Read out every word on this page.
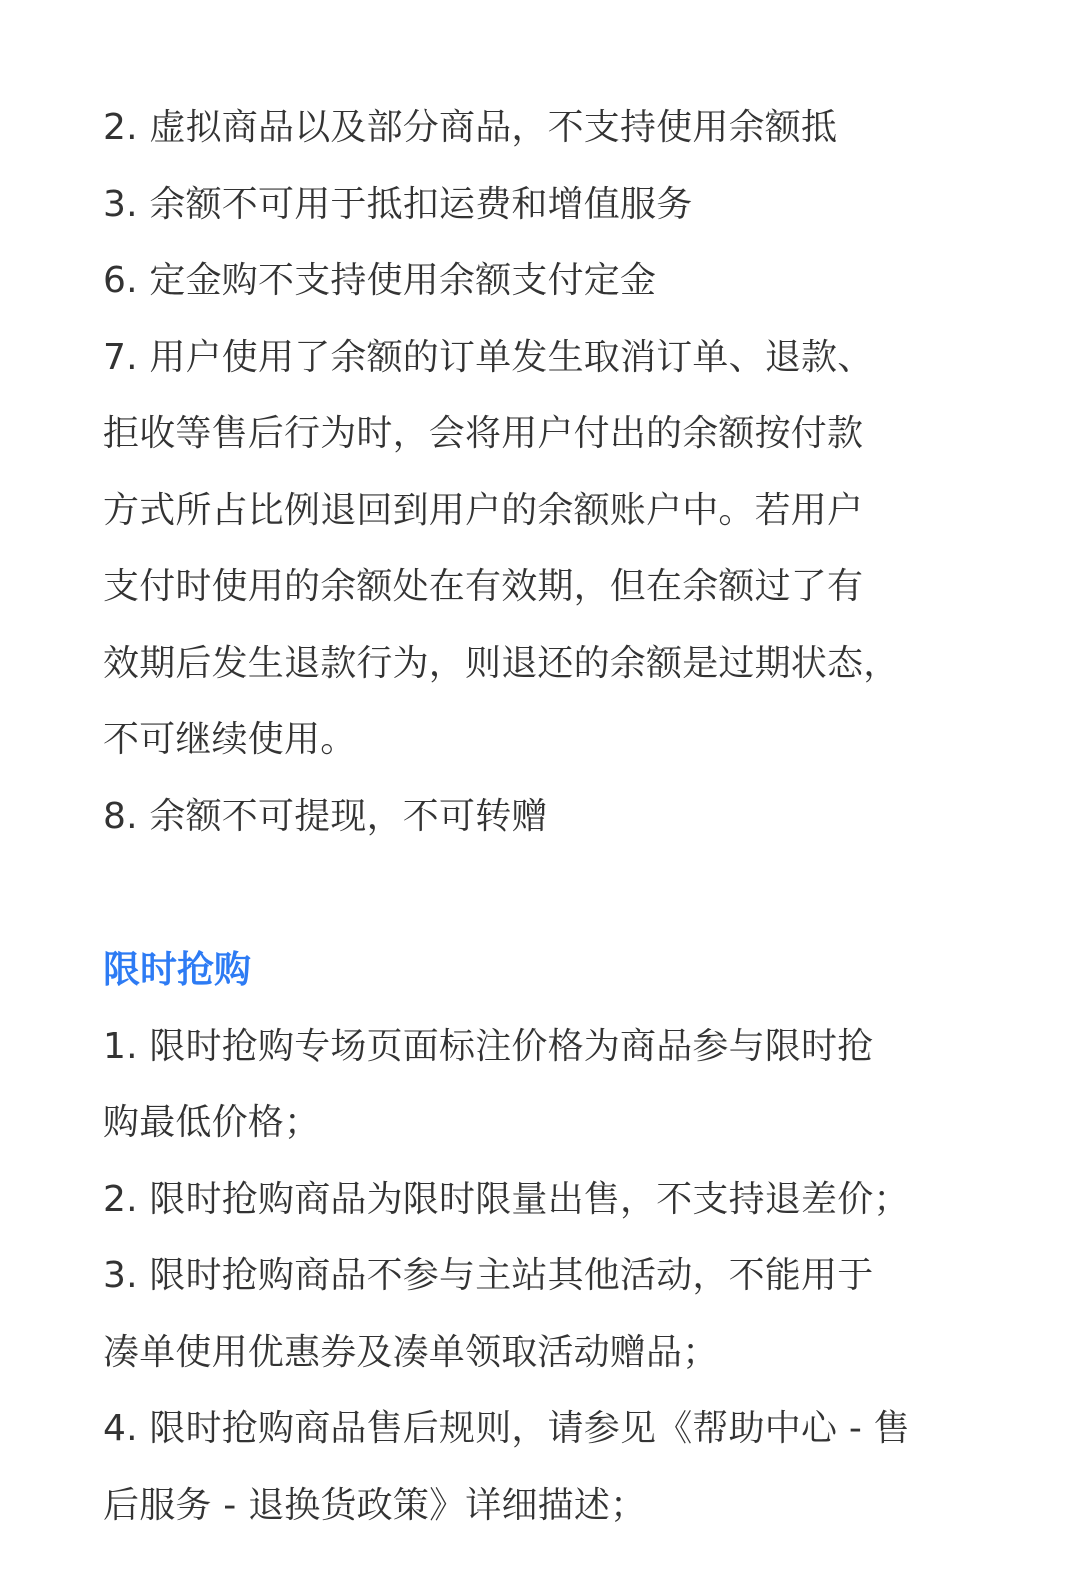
2. 虚拟商品以及部分商品，不支持使用余额抵
3. 余额不可用于抵扣运费和增值服务
6. 定金购不支持使用余额支付定金
7. 用户使用了余额的订单发生取消订单、退款、
拒收等售后行为时，会将用户付出的余额按付款
方式所占比例退回到用户的余额账户中。若用户
支付时使用的余额处在有效期，但在余额过了有
效期后发生退款行为，则退还的余额是过期状态，
不可继续使用。
8. 余额不可提现，不可转赠
限时抢购
1. 限时抢购专场页面标注价格为商品参与限时抢
购最低价格；
2. 限时抢购商品为限时限量出售，不支持退差价；
3. 限时抢购商品不参与主站其他活动，不能用于
凑单使用优惠券及凑单领取活动赠品；
4. 限时抢购商品售后规则，请参见《帮助中心 - 售
后服务 - 退换货政策》详细描述；
